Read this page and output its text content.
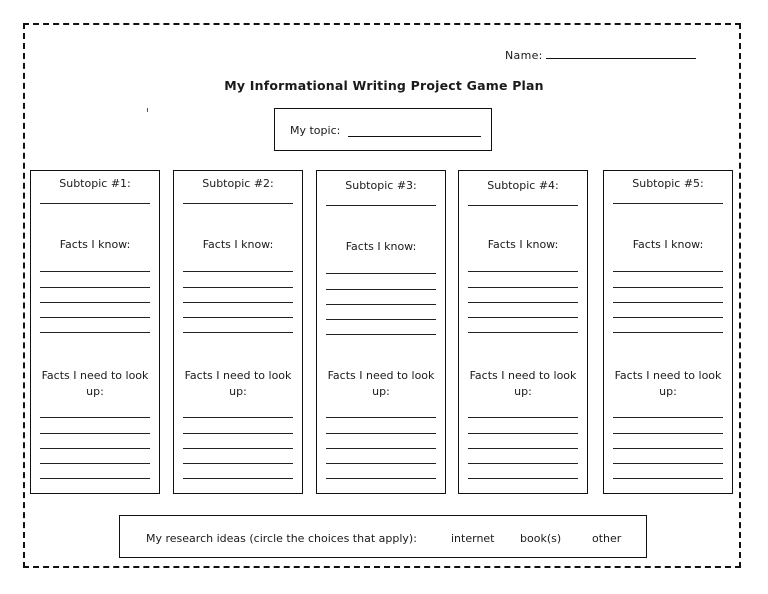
Name:
My Informational Writing Project Game Plan
My topic:
Subtopic #1:
Facts I know:
Facts I need to look up:
Subtopic #2:
Facts I know:
Facts I need to look up:
Subtopic #3:
Facts I know:
Facts I need to look up:
Subtopic #4:
Facts I know:
Facts I need to look up:
Subtopic #5:
Facts I know:
Facts I need to look up:
My research ideas (circle the choices that apply):	internet book(s)	other
